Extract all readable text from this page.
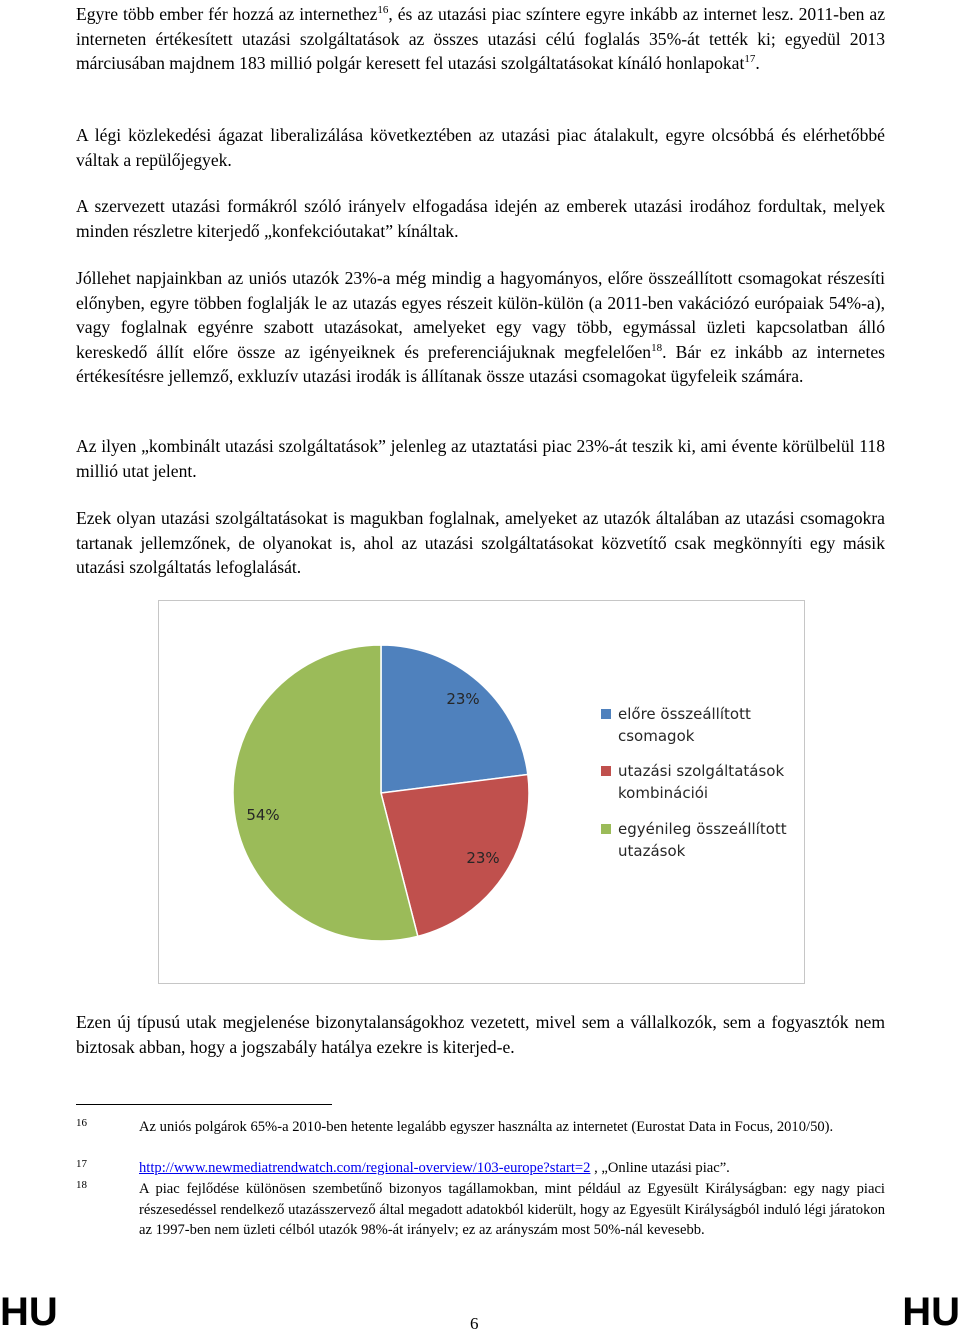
Egyre több ember fér hozzá az internethez$^{16}$, és az utazási piac színtere egyre inkább az internet lesz. 2011-ben az interneten értékesített utazási szolgáltatások az összes utazási célú foglalás 35%-át tették ki; egyedül 2013 márciusában majdnem 183 millió polgár keresett fel utazási szolgáltatásokat kínáló honlapokat$^{17}$.

A légi közlekedési ágazat liberalizálása következtében az utazási piac átalakult, egyre olcsóbbá és elérhetőbbé váltak a repülőjegyek.

A szervezett utazási formákról szóló irányelv elfogadása idején az emberek utazási irodához fordultak, melyek minden részletre kiterjedő „konfekcióutakat” kínáltak.

Jóllehet napjainkban az uniós utazók 23%-a még mindig a hagyományos, előre összeállított csomagokat részesíti előnyben, egyre többen foglalják le az utazás egyes részeit külön-külön (a 2011-ben vakációzó európaiak 54%-a), vagy foglalnak egyénre szabott utazásokat, amelyeket egy vagy több, egymással üzleti kapcsolatban álló kereskedő állít előre össze az igényeiknek és preferenciájuknak megfelelően$^{18}$. Bár ez inkább az internetes értékesítésre jellemző, exkluzív utazási irodák is állítanak össze utazási csomagokat ügyfeleik számára.

Az ilyen „kombinált utazási szolgáltatások” jelenleg az utaztatási piac 23%-át teszik ki, ami évente körülbelül 118 millió utat jelent.

Ezek olyan utazási szolgáltatásokat is magukban foglalnak, amelyeket az utazók általában az utazási csomagokra tartanak jellemzőnek, de olyanokat is, ahol az utazási szolgáltatásokat közvetítő csak megkönnyíti egy másik utazási szolgáltatás lefoglalását.

23%
23%
54%
előre összeállított
csomagok
utazási szolgáltatások
kombinációi
egyénileg összeállított
utazások

Ezen új típusú utak megjelenése bizonytalanságokhoz vezetett, mivel sem a vállalkozók, sem a fogyasztók nem biztosak abban, hogy a jogszabály hatálya ezekre is kiterjed-e.

16	Az uniós polgárok 65%-a 2010-ben hetente legalább egyszer használta az internetet (Eurostat Data in Focus, 2010/50).
17	http://www.newmediatrendwatch.com/regional-overview/103-europe?start=2 , „Online utazási piac”.
18	A piac fejlődése különösen szembetűnő bizonyos tagállamokban, mint például az Egyesült Királyságban: egy nagy piaci részesedéssel rendelkező utazásszervező által megadott adatokból kiderült, hogy az Egyesült Királyságból induló légi járatokon az 1997-ben nem üzleti célból utazók 98%-át irányelv; ez az arányszám most 50%-nál kevesebb.
HU	6	HU
